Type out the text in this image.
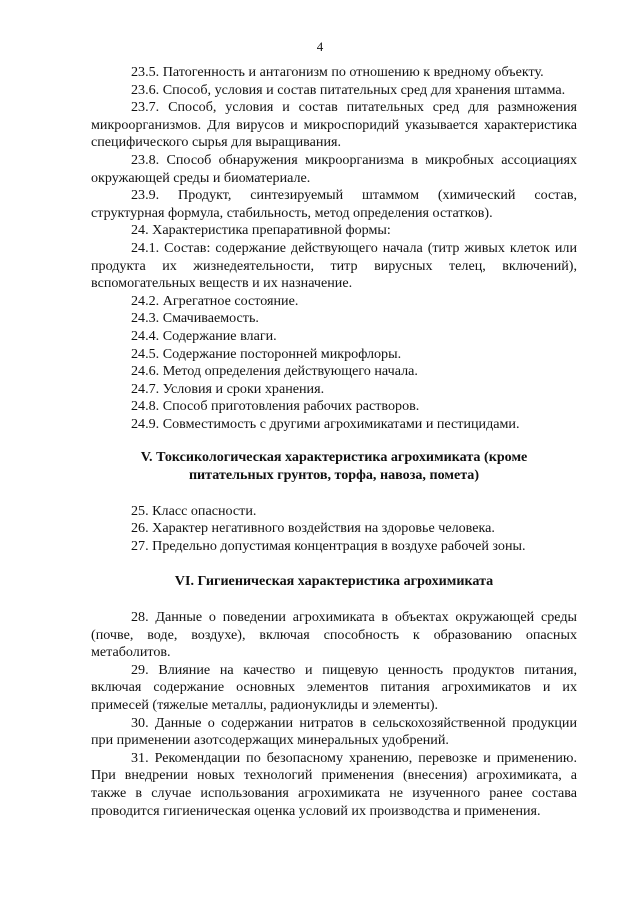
4

23.5. Патогенность и антагонизм по отношению к вредному объекту.

23.6. Способ, условия и состав питательных сред для хранения штамма.

23.7. Способ, условия и состав питательных сред для размножения микроорганизмов. Для вирусов и микроспоридий указывается характеристика специфического сырья для выращивания.

23.8. Способ обнаружения микроорганизма в микробных ассоциациях окружающей среды и биоматериале.

23.9. Продукт, синтезируемый штаммом (химический состав, структурная формула, стабильность, метод определения остатков).

24. Характеристика препаративной формы:

24.1. Состав: содержание действующего начала (титр живых клеток или продукта их жизнедеятельности, титр вирусных телец, включений), вспомогательных веществ и их назначение.

24.2. Агрегатное состояние.

24.3. Смачиваемость.

24.4. Содержание влаги.

24.5. Содержание посторонней микрофлоры.

24.6. Метод определения действующего начала.

24.7. Условия и сроки хранения.

24.8. Способ приготовления рабочих растворов.

24.9. Совместимость с другими агрохимикатами и пестицидами.

V. Токсикологическая характеристика агрохимиката (кроме

питательных грунтов, торфа, навоза, помета)

25. Класс опасности.

26. Характер негативного воздействия на здоровье человека.

27. Предельно допустимая концентрация в воздухе рабочей зоны.

VI. Гигиеническая характеристика агрохимиката

28. Данные о поведении агрохимиката в объектах окружающей среды (почве, воде, воздухе), включая способность к образованию опасных метаболитов.

29. Влияние на качество и пищевую ценность продуктов питания, включая содержание основных элементов питания агрохимикатов и их примесей (тяжелые металлы, радионуклиды и элементы).

30. Данные о содержании нитратов в сельскохозяйственной продукции при применении азотсодержащих минеральных удобрений.

31. Рекомендации по безопасному хранению, перевозке и применению. При внедрении новых технологий применения (внесения) агрохимиката, а также в случае использования агрохимиката не изученного ранее состава проводится гигиеническая оценка условий их производства и применения.
